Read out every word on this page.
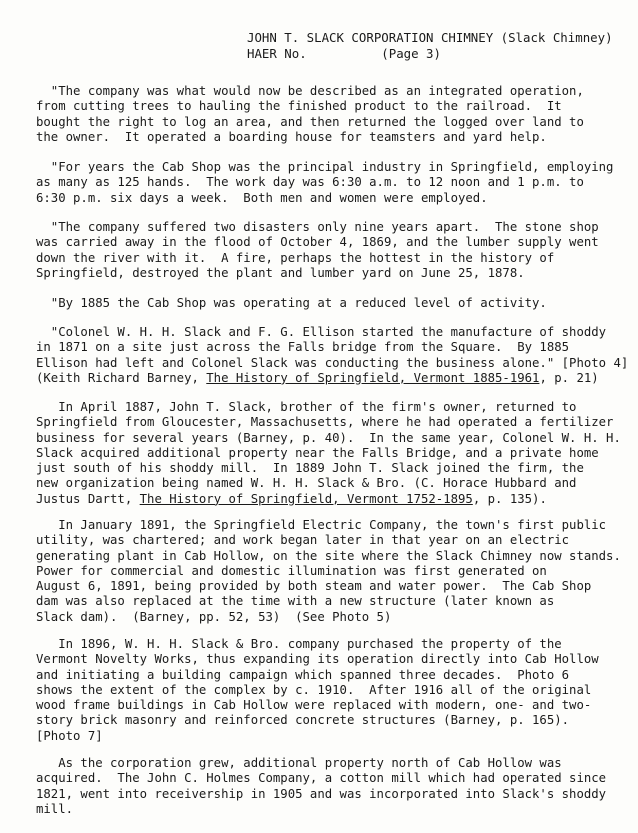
JOHN T. SLACK CORPORATION CHIMNEY (Slack Chimney)
HAER No.	(Page 3)
"The company was what would now be described as an integrated operation,
from cutting trees to hauling the finished product to the railroad.  It
bought the right to log an area, and then returned the logged over land to
the owner.  It operated a boarding house for teamsters and yard help.
"For years the Cab Shop was the principal industry in Springfield, employing
as many as 125 hands.  The work day was 6:30 a.m. to 12 noon and 1 p.m. to
6:30 p.m. six days a week.  Both men and women were employed.
"The company suffered two disasters only nine years apart.  The stone shop
was carried away in the flood of October 4, 1869, and the lumber supply went
down the river with it.  A fire, perhaps the hottest in the history of
Springfield, destroyed the plant and lumber yard on June 25, 1878.
"By 1885 the Cab Shop was operating at a reduced level of activity.
"Colonel W. H. H. Slack and F. G. Ellison started the manufacture of shoddy
in 1871 on a site just across the Falls bridge from the Square.  By 1885
Ellison had left and Colonel Slack was conducting the business alone." [Photo 4]
(Keith Richard Barney, The History of Springfield, Vermont 1885-1961, p. 21)
In April 1887, John T. Slack, brother of the firm's owner, returned to
Springfield from Gloucester, Massachusetts, where he had operated a fertilizer
business for several years (Barney, p. 40).  In the same year, Colonel W. H. H.
Slack acquired additional property near the Falls Bridge, and a private home
just south of his shoddy mill.  In 1889 John T. Slack joined the firm, the
new organization being named W. H. H. Slack & Bro. (C. Horace Hubbard and
Justus Dartt, The History of Springfield, Vermont 1752-1895, p. 135).
In January 1891, the Springfield Electric Company, the town's first public
utility, was chartered; and work began later in that year on an electric
generating plant in Cab Hollow, on the site where the Slack Chimney now stands.
Power for commercial and domestic illumination was first generated on
August 6, 1891, being provided by both steam and water power.  The Cab Shop
dam was also replaced at the time with a new structure (later known as
Slack dam).  (Barney, pp. 52, 53)  (See Photo 5)
In 1896, W. H. H. Slack & Bro. company purchased the property of the
Vermont Novelty Works, thus expanding its operation directly into Cab Hollow
and initiating a building campaign which spanned three decades.  Photo 6
shows the extent of the complex by c. 1910.  After 1916 all of the original
wood frame buildings in Cab Hollow were replaced with modern, one- and two-
story brick masonry and reinforced concrete structures (Barney, p. 165).
[Photo 7]
As the corporation grew, additional property north of Cab Hollow was
acquired.  The John C. Holmes Company, a cotton mill which had operated since
1821, went into receivership in 1905 and was incorporated into Slack's shoddy
mill.
